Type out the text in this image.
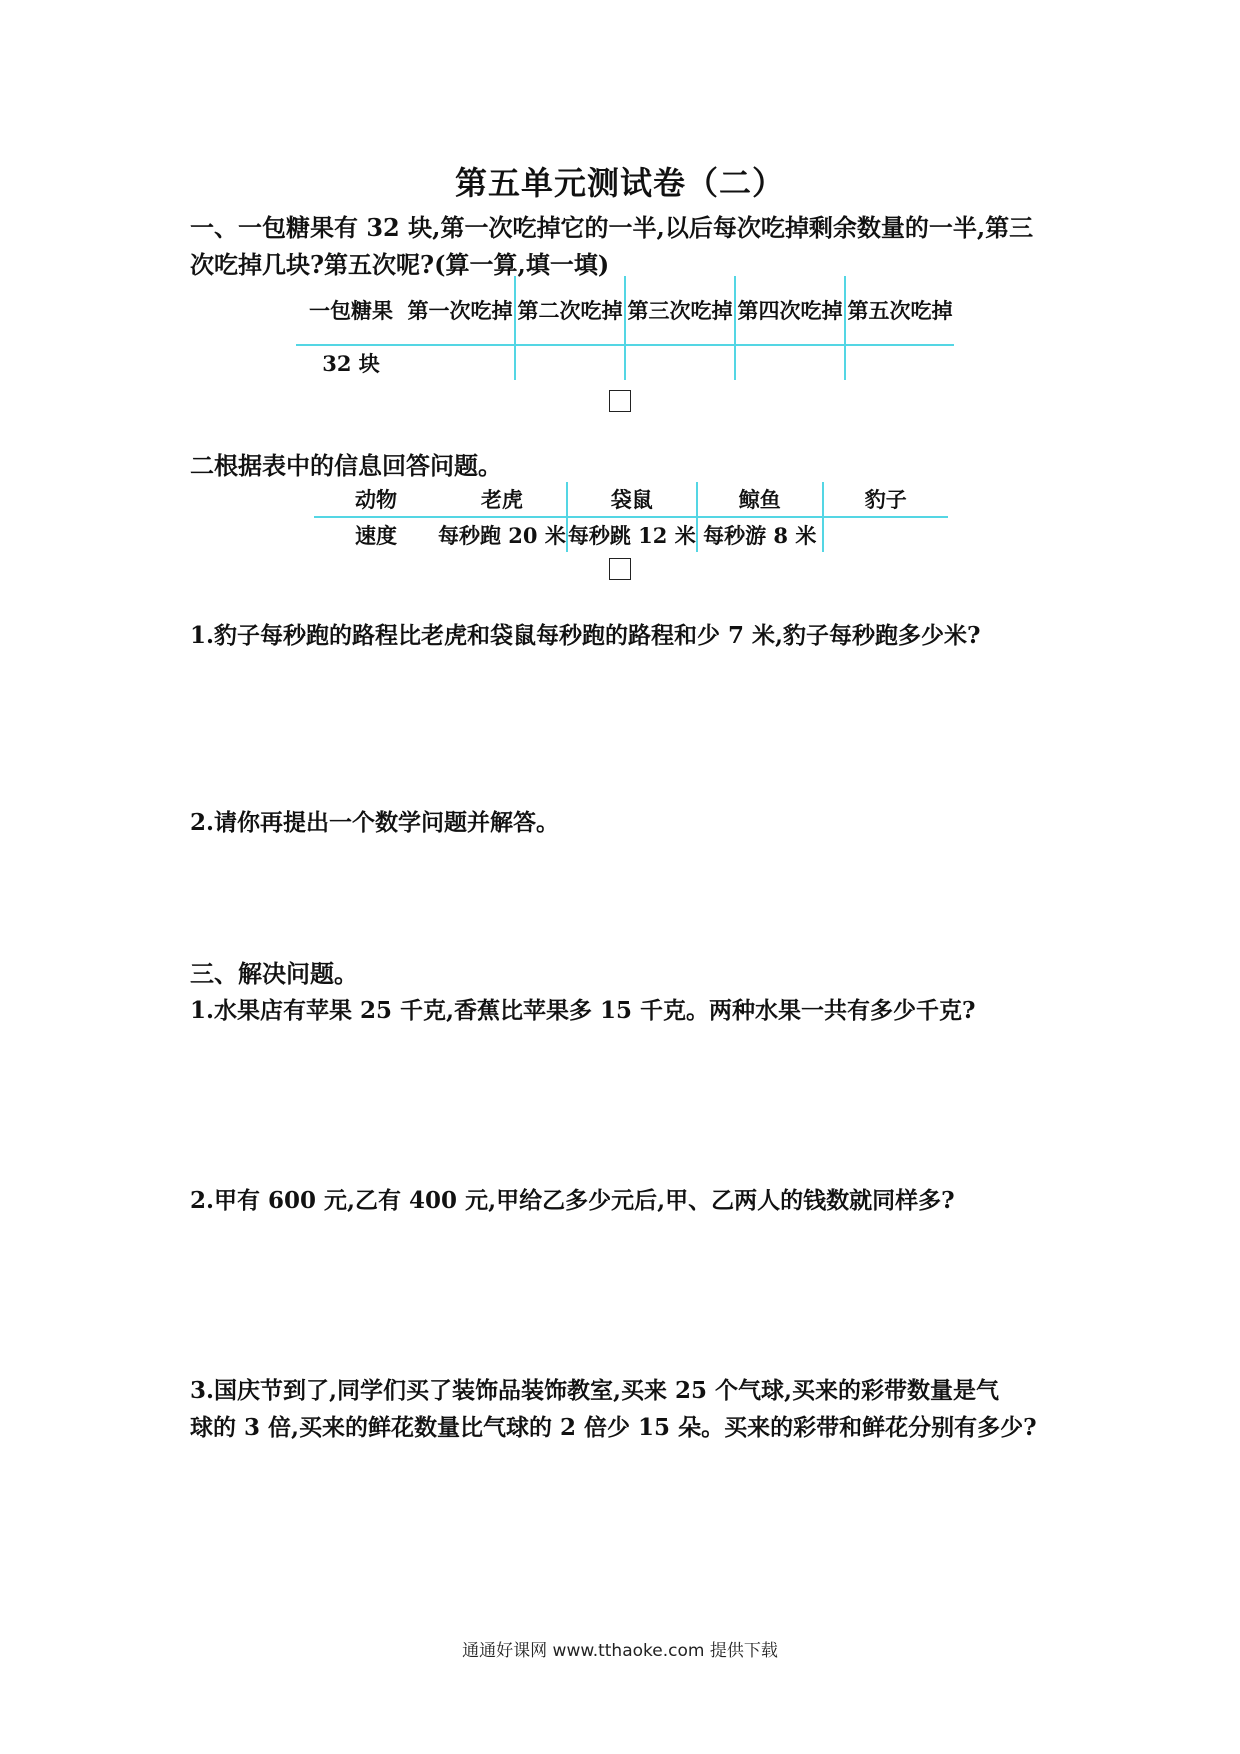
第五单元测试卷（二）
一、一包糖果有 32 块,第一次吃掉它的一半,以后每次吃掉剩余数量的一半,第三
次吃掉几块?第五次呢?(算一算,填一填)
一包糖果	第一次吃掉	第二次吃掉	第三次吃掉	第四次吃掉	第五次吃掉
32 块					
二根据表中的信息回答问题。
动物	老虎	袋鼠	鲸鱼	豹子
速度	每秒跑 20 米	每秒跳 12 米	每秒游 8 米	
1.豹子每秒跑的路程比老虎和袋鼠每秒跑的路程和少 7 米,豹子每秒跑多少米?
2.请你再提出一个数学问题并解答。
三、解决问题。
1.水果店有苹果 25 千克,香蕉比苹果多 15 千克。两种水果一共有多少千克?
2.甲有 600 元,乙有 400 元,甲给乙多少元后,甲、乙两人的钱数就同样多?
3.国庆节到了,同学们买了装饰品装饰教室,买来 25 个气球,买来的彩带数量是气
球的 3 倍,买来的鲜花数量比气球的 2 倍少 15 朵。买来的彩带和鲜花分别有多少?
通通好课网 www.tthaoke.com 提供下载
